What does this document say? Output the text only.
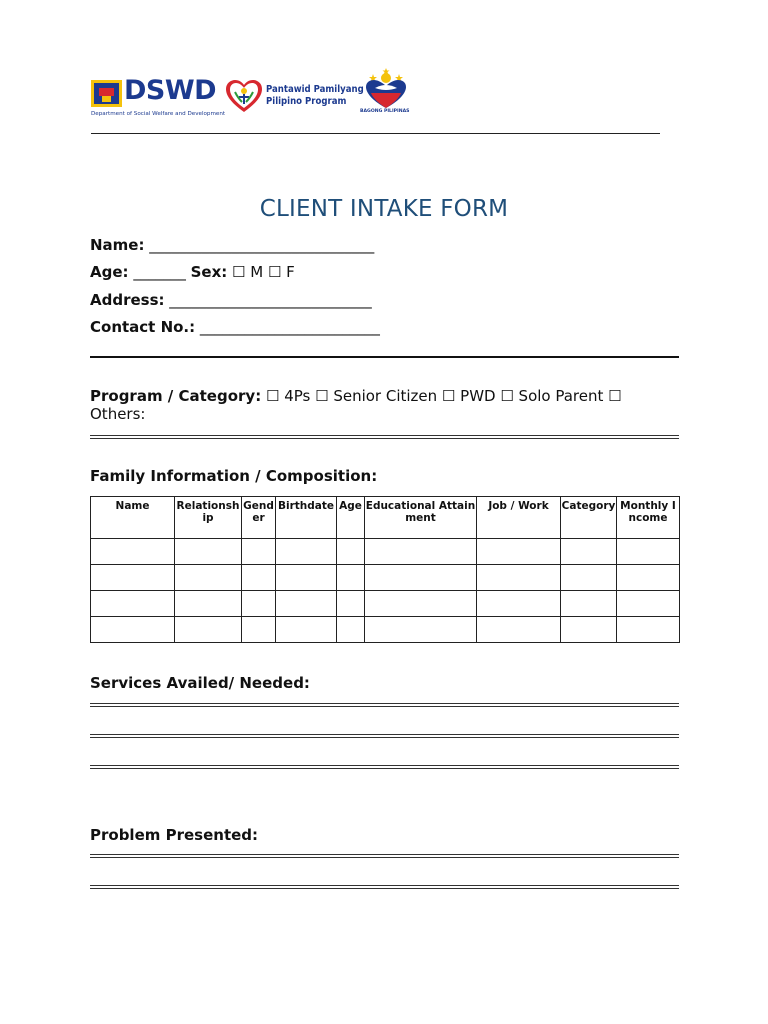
DSWD
Department of Social Welfare and Development
Pantawid Pamilyang
Pilipino Program
BAGONG PILIPINAS
CLIENT INTAKE FORM
Name: ______________________________
Age: _______ Sex: ☐ M ☐ F
Address: ___________________________
Contact No.: ________________________
Program / Category: ☐ 4Ps ☐ Senior Citizen ☐ PWD ☐ Solo Parent ☐
Others:
Family Information / Composition:
Name	Relationship	Gender	Birthdate	Age	Educational Attainment	Job / Work	Category	Monthly Income

Services Availed/ Needed:
Problem Presented:
